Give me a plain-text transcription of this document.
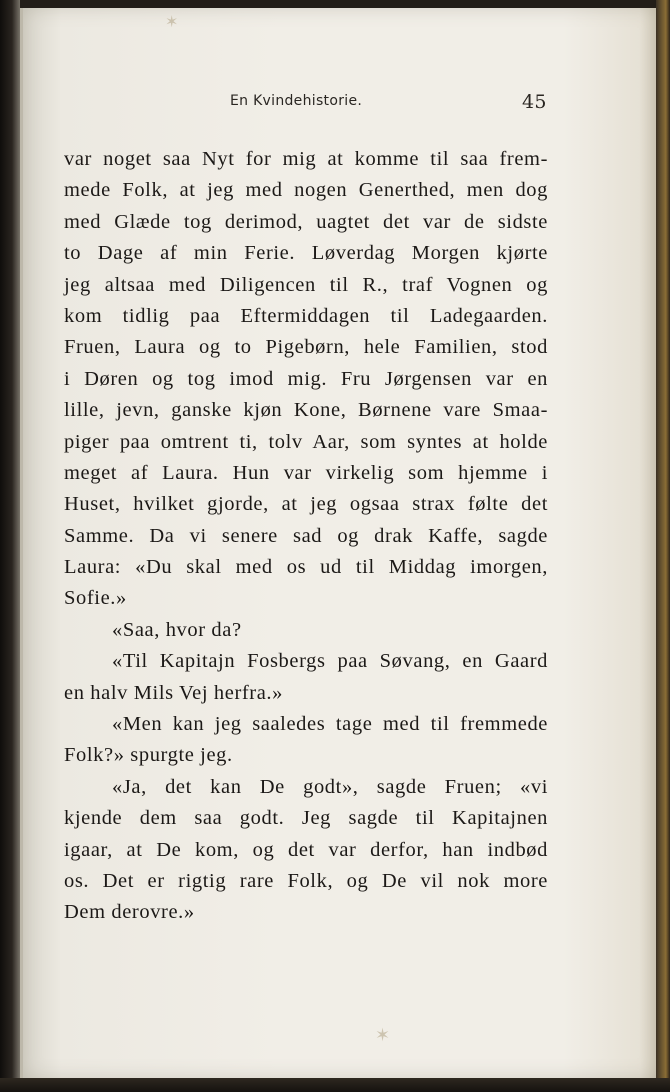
✶
✶
En Kvindehistorie.	45
var noget saa Nyt for mig at komme til saa frem-
mede Folk, at jeg med nogen Generthed, men dog
med Glæde tog derimod, uagtet det var de sidste
to Dage af min Ferie. Løverdag Morgen kjørte
jeg altsaa med Diligencen til R., traf Vognen og
kom tidlig paa Eftermiddagen til Ladegaarden.
Fruen, Laura og to Pigebørn, hele Familien, stod
i Døren og tog imod mig. Fru Jørgensen var en
lille, jevn, ganske kjøn Kone, Børnene vare Smaa-
piger paa omtrent ti, tolv Aar, som syntes at holde
meget af Laura. Hun var virkelig som hjemme i
Huset, hvilket gjorde, at jeg ogsaa strax følte det
Samme. Da vi senere sad og drak Kaffe, sagde
Laura: «Du skal med os ud til Middag imorgen,
Sofie.»
«Saa, hvor da?
«Til Kapitajn Fosbergs paa Søvang, en Gaard
en halv Mils Vej herfra.»
«Men kan jeg saaledes tage med til fremmede
Folk?» spurgte jeg.
«Ja, det kan De godt», sagde Fruen; «vi
kjende dem saa godt. Jeg sagde til Kapitajnen
igaar, at De kom, og det var derfor, han indbød
os. Det er rigtig rare Folk, og De vil nok more
Dem derovre.»
